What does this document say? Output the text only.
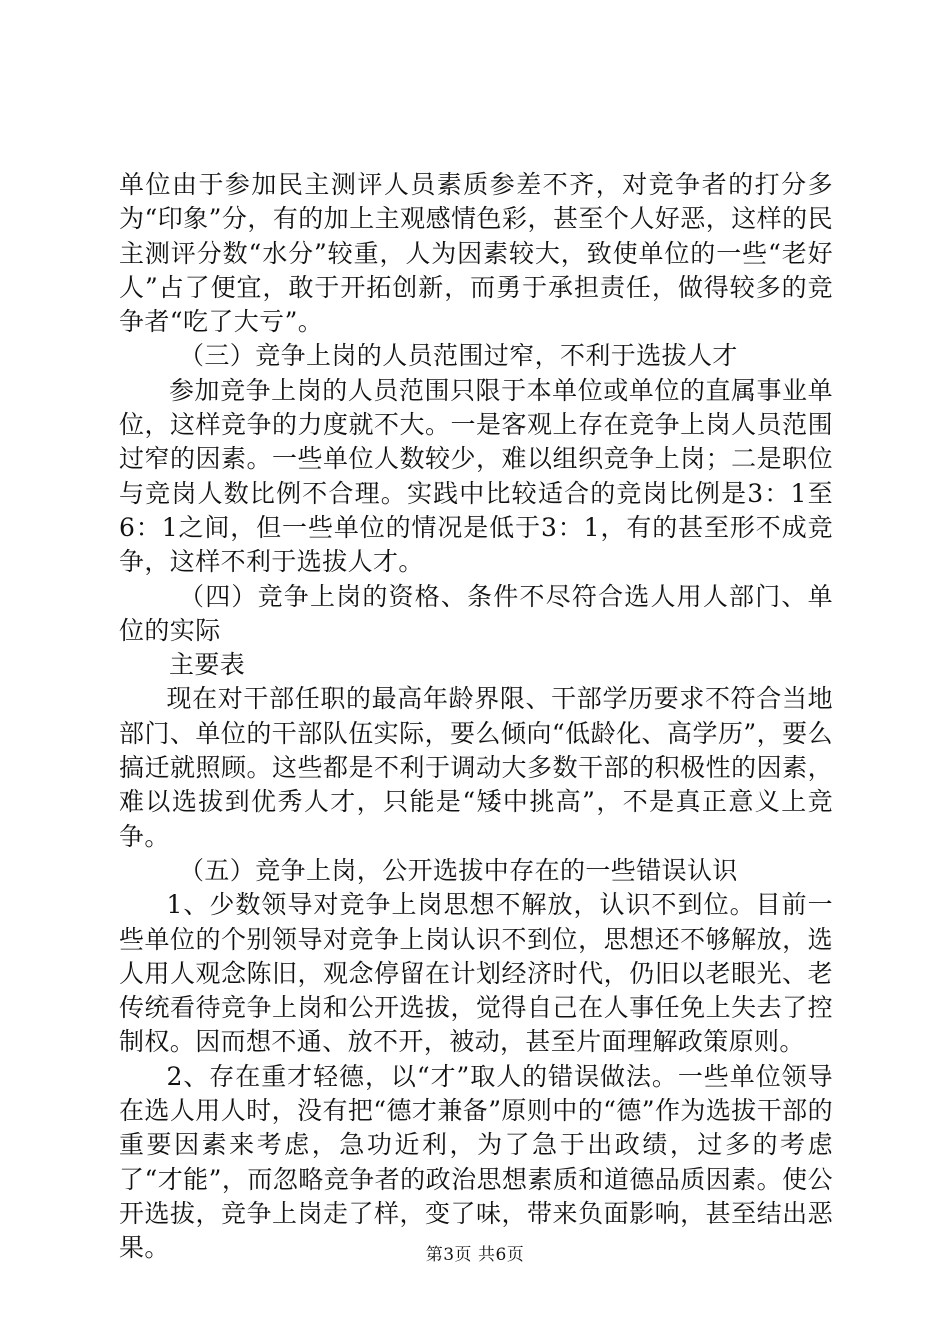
单位由于参加民主测评人员素质参差不齐，对竞争者的打分多为“印象”分，有的加上主观感情色彩，甚至个人好恶，这样的民主测评分数“水分”较重，人为因素较大，致使单位的一些“老好人”占了便宜，敢于开拓创新，而勇于承担责任，做得较多的竞争者“吃了大亏”。

（三）竞争上岗的人员范围过窄，不利于选拔人才

参加竞争上岗的人员范围只限于本单位或单位的直属事业单位，这样竞争的力度就不大。一是客观上存在竞争上岗人员范围过窄的因素。一些单位人数较少，难以组织竞争上岗；二是职位与竞岗人数比例不合理。实践中比较适合的竞岗比例是3：1至6：1之间，但一些单位的情况是低于3：1，有的甚至形不成竞争，这样不利于选拔人才。

（四）竞争上岗的资格、条件不尽符合选人用人部门、单位的实际

主要表

现在对干部任职的最高年龄界限、干部学历要求不符合当地部门、单位的干部队伍实际，要么倾向“低龄化、高学历”，要么搞迁就照顾。这些都是不利于调动大多数干部的积极性的因素，难以选拔到优秀人才，只能是“矮中挑高”，不是真正意义上竞争。

（五）竞争上岗，公开选拔中存在的一些错误认识

1、少数领导对竞争上岗思想不解放，认识不到位。目前一些单位的个别领导对竞争上岗认识不到位，思想还不够解放，选人用人观念陈旧，观念停留在计划经济时代，仍旧以老眼光、老传统看待竞争上岗和公开选拔，觉得自己在人事任免上失去了控制权。因而想不通、放不开，被动，甚至片面理解政策原则。

2、存在重才轻德，以“才”取人的错误做法。一些单位领导在选人用人时，没有把“德才兼备”原则中的“德”作为选拔干部的重要因素来考虑，急功近利，为了急于出政绩，过多的考虑了“才能”，而忽略竞争者的政治思想素质和道德品质因素。使公开选拔，竞争上岗走了样，变了味，带来负面影响，甚至结出恶果。	第3页 共6页
